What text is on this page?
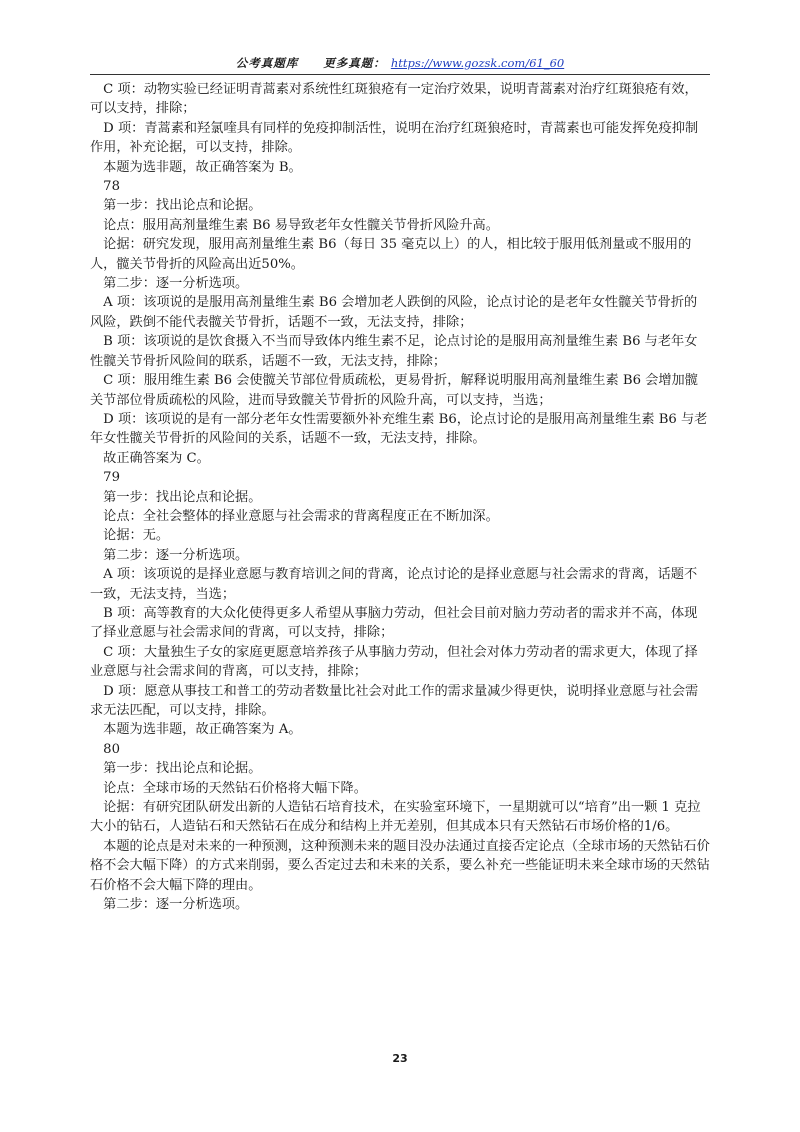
公考真题库 更多真题： https://www.gozsk.com/61_60

　C 项：动物实验已经证明青蒿素对系统性红斑狼疮有一定治疗效果，说明青蒿素对治疗红斑狼疮有效，可以支持，排除；

　D 项：青蒿素和羟氯喹具有同样的免疫抑制活性，说明在治疗红斑狼疮时，青蒿素也可能发挥免疫抑制作用，补充论据，可以支持，排除。

　本题为选非题，故正确答案为 B。

　78

　第一步：找出论点和论据。

　论点：服用高剂量维生素 B6 易导致老年女性髋关节骨折风险升高。

　论据：研究发现，服用高剂量维生素 B6（每日 35 毫克以上）的人，相比较于服用低剂量或不服用的人，髋关节骨折的风险高出近50%。

　第二步：逐一分析选项。

　A 项：该项说的是服用高剂量维生素 B6 会增加老人跌倒的风险，论点讨论的是老年女性髋关节骨折的风险，跌倒不能代表髋关节骨折，话题不一致，无法支持，排除；

　B 项：该项说的是饮食摄入不当而导致体内维生素不足，论点讨论的是服用高剂量维生素 B6 与老年女性髋关节骨折风险间的联系，话题不一致，无法支持，排除；

　C 项：服用维生素 B6 会使髋关节部位骨质疏松，更易骨折，解释说明服用高剂量维生素 B6 会增加髋关节部位骨质疏松的风险，进而导致髋关节骨折的风险升高，可以支持，当选；

　D 项：该项说的是有一部分老年女性需要额外补充维生素 B6，论点讨论的是服用高剂量维生素 B6 与老年女性髋关节骨折的风险间的关系，话题不一致，无法支持，排除。

　故正确答案为 C。

　79

　第一步：找出论点和论据。

　论点：全社会整体的择业意愿与社会需求的背离程度正在不断加深。

　论据：无。

　第二步：逐一分析选项。

　A 项：该项说的是择业意愿与教育培训之间的背离，论点讨论的是择业意愿与社会需求的背离，话题不一致，无法支持，当选；

　B 项：高等教育的大众化使得更多人希望从事脑力劳动，但社会目前对脑力劳动者的需求并不高，体现了择业意愿与社会需求间的背离，可以支持，排除；

　C 项：大量独生子女的家庭更愿意培养孩子从事脑力劳动，但社会对体力劳动者的需求更大，体现了择业意愿与社会需求间的背离，可以支持，排除；

　D 项：愿意从事技工和普工的劳动者数量比社会对此工作的需求量减少得更快，说明择业意愿与社会需求无法匹配，可以支持，排除。

　本题为选非题，故正确答案为 A。

　80

　第一步：找出论点和论据。

　论点：全球市场的天然钻石价格将大幅下降。

　论据：有研究团队研发出新的人造钻石培育技术，在实验室环境下，一星期就可以“培育”出一颗 1 克拉大小的钻石，人造钻石和天然钻石在成分和结构上并无差别，但其成本只有天然钻石市场价格的1/6。

　本题的论点是对未来的一种预测，这种预测未来的题目没办法通过直接否定论点（全球市场的天然钻石价格不会大幅下降）的方式来削弱，要么否定过去和未来的关系，要么补充一些能证明未来全球市场的天然钻石价格不会大幅下降的理由。

　第二步：逐一分析选项。

23
